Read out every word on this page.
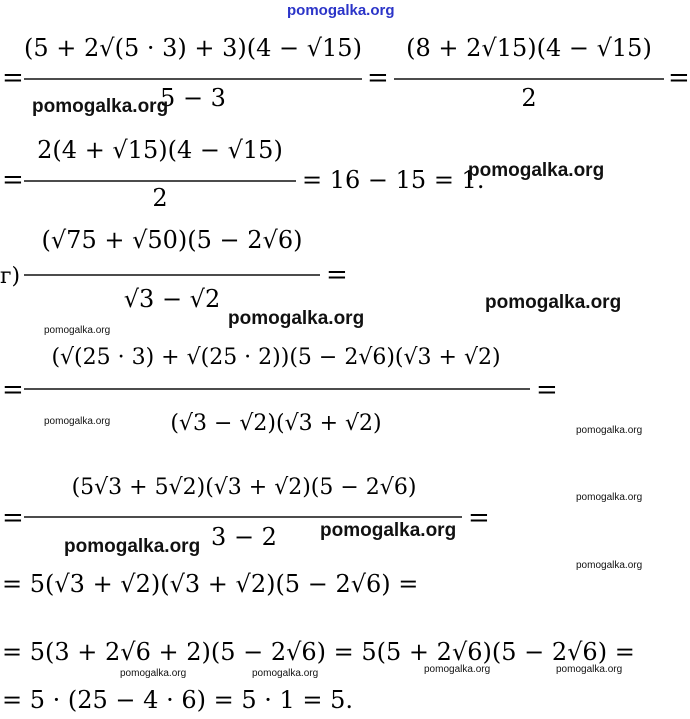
=
(5 + 2√(5 · 3) + 3)(4 − √15)
5 − 3
=
(8 + 2√15)(4 − √15)
2
=
=
2(4 + √15)(4 − √15)
2
= 16 − 15 = 1.
г)
(√75 + √50)(5 − 2√6)
√3 − √2
=
=
(√(25 · 3) + √(25 · 2))(5 − 2√6)(√3 + √2)
(√3 − √2)(√3 + √2)
=
=
(5√3 + 5√2)(√3 + √2)(5 − 2√6)
3 − 2
=
= 5(√3 + √2)(√3 + √2)(5 − 2√6) =
= 5(3 + 2√6 + 2)(5 − 2√6) = 5(5 + 2√6)(5 − 2√6) =
= 5 · (25 − 4 · 6) = 5 · 1 = 5.
pomogalka.org
pomogalka.org
pomogalka.org
pomogalka.org
pomogalka.org
pomogalka.org
pomogalka.org
pomogalka.org
pomogalka.org
pomogalka.org
pomogalka.org
pomogalka.org
pomogalka.org	pomogalka.org	pomogalka.org	pomogalka.org
